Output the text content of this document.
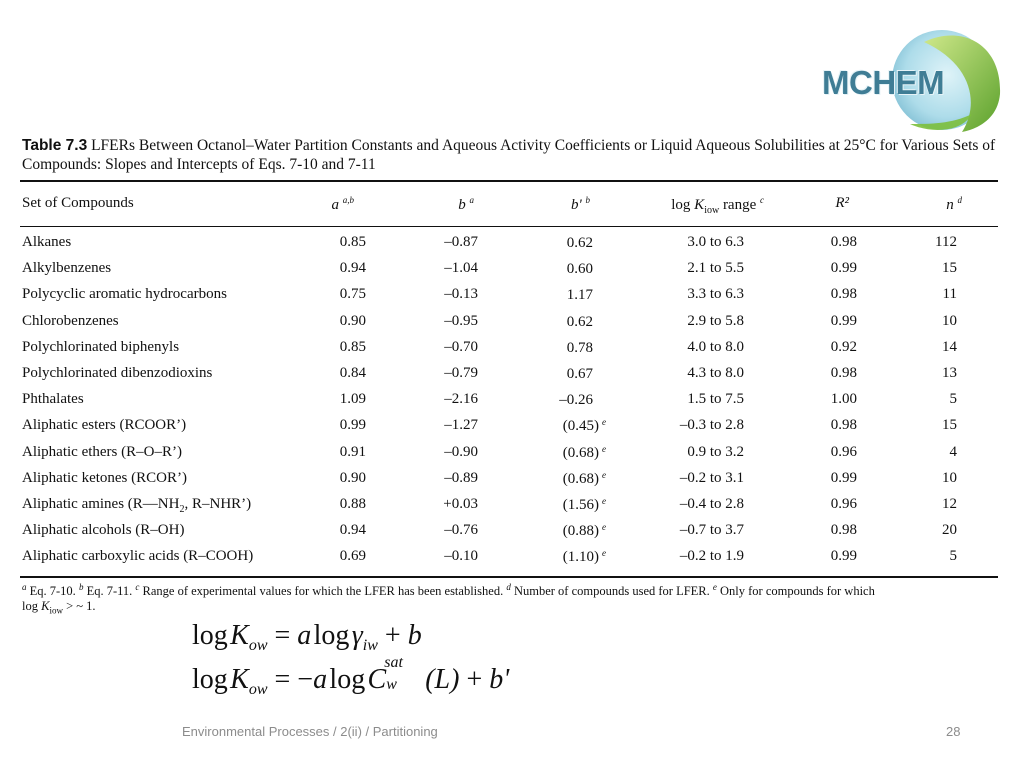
MCHEM
Table 7.3 LFERs Between Octanol–Water Partition Constants and Aqueous Activity Coefficients or Liquid Aqueous Solubilities at 25°C for Various Sets of Compounds: Slopes and Intercepts of Eqs. 7-10 and 7-11
Set of Compounds	a $^{a,b}$	b $^a$	b' $^b$	$\log K_{iow}$ range $^c$	R²	n $^d$
Alkanes	0.85	–0.87	0.62	3.0 to 6.3	0.98	112
Alkylbenzenes	0.94	–1.04	0.60	2.1 to 5.5	0.99	15
Polycyclic aromatic hydrocarbons	0.75	–0.13	1.17	3.3 to 6.3	0.98	11
Chlorobenzenes	0.90	–0.95	0.62	2.9 to 5.8	0.99	10
Polychlorinated biphenyls	0.85	–0.70	0.78	4.0 to 8.0	0.92	14
Polychlorinated dibenzodioxins	0.84	–0.79	0.67	4.3 to 8.0	0.98	13
Phthalates	1.09	–2.16	–0.26	1.5 to 7.5	1.00	5
Aliphatic esters (RCOOR’)	0.99	–1.27	(0.45) $^e$	–0.3 to 2.8	0.98	15
Aliphatic ethers (R–O–R’)	0.91	–0.90	(0.68) $^e$	0.9 to 3.2	0.96	4
Aliphatic ketones (RCOR’)	0.90	–0.89	(0.68) $^e$	–0.2 to 3.1	0.99	10
Aliphatic amines ($R—NH_2$, R–NHR’)	0.88	+0.03	(1.56) $^e$	–0.4 to 2.8	0.96	12
Aliphatic alcohols (R–OH)	0.94	–0.76	(0.88) $^e$	–0.7 to 3.7	0.98	20
Aliphatic carboxylic acids (R–COOH)	0.69	–0.10	(1.10) $^e$	–0.2 to 1.9	0.99	5
$^a$ Eq. 7-10. $^b$ Eq. 7-11. $^c$ Range of experimental values for which the LFER has been established. $^d$ Number of compounds used for LFER. $^e$ Only for compounds for which
$\log K_{iow}$ > ~ 1.
log $K_{ow} = a$ log $\gamma_{iw} + b$
log $K_{ow} = -a$ log C
sat
w (L) + b'
Environmental Processes / 2(ii) / Partitioning	28
